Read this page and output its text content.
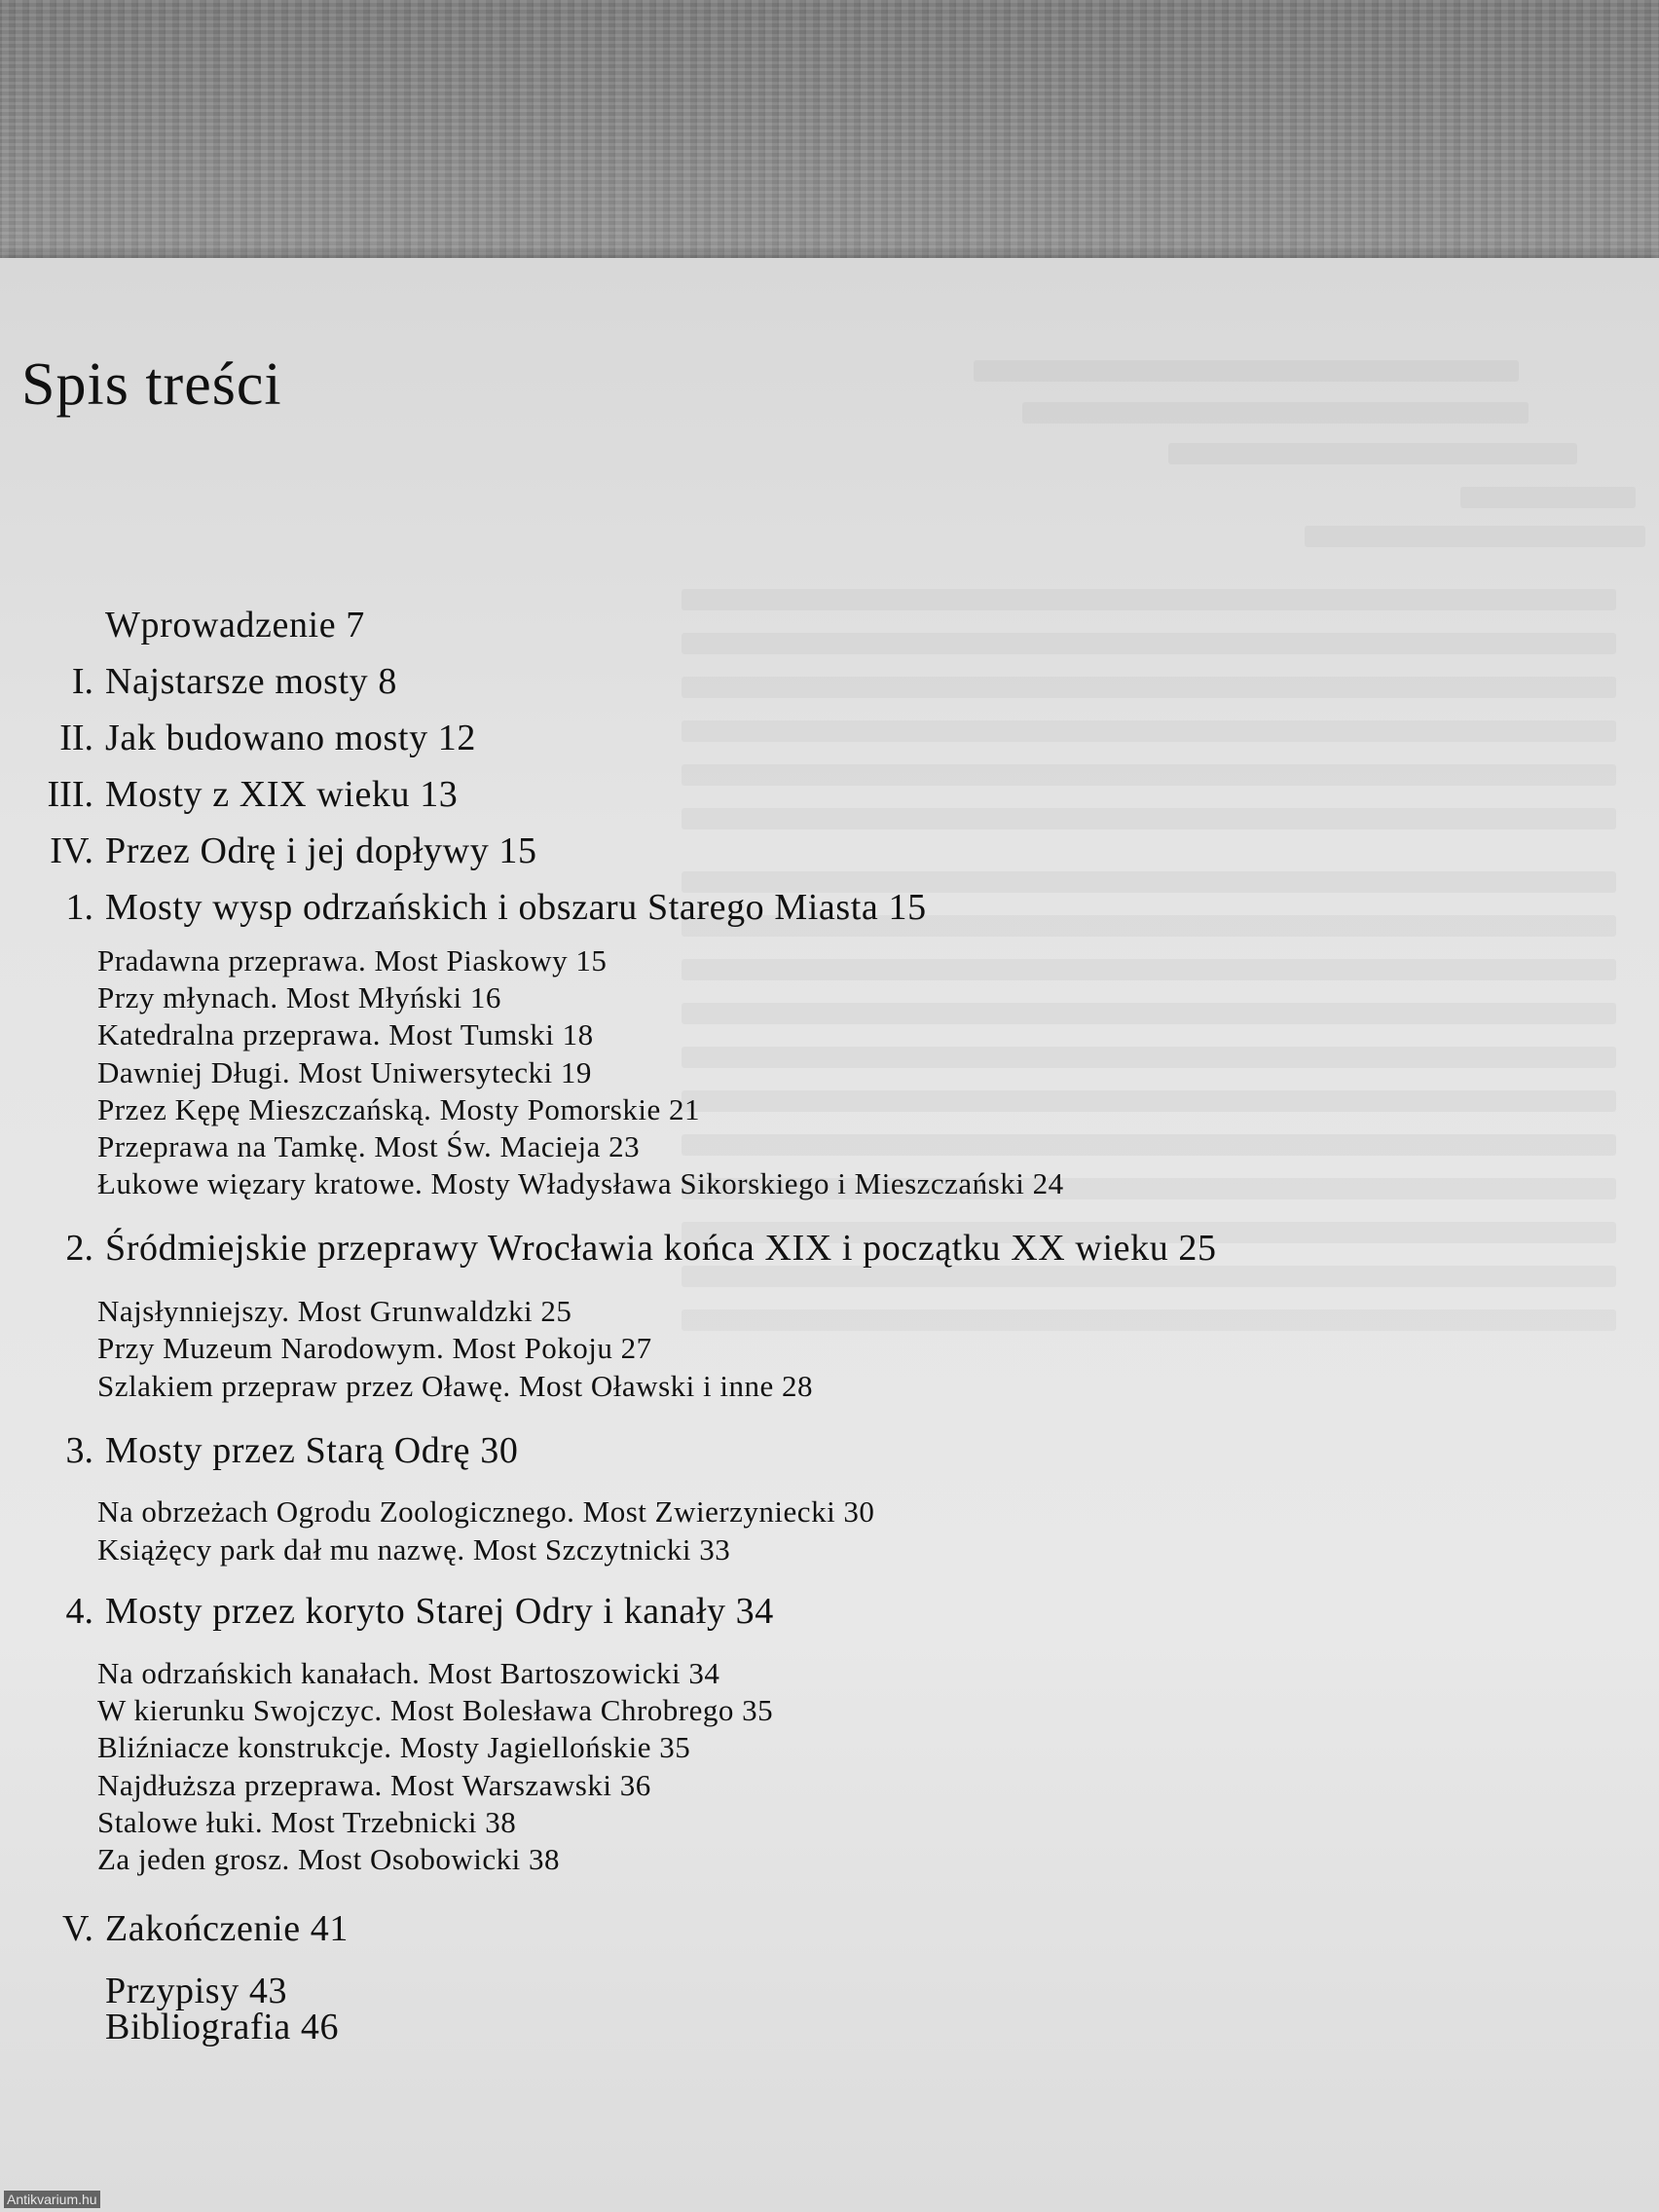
Spis treści
Wprowadzenie 7
I. Najstarsze mosty 8
II. Jak budowano mosty 12
III. Mosty z XIX wieku 13
IV. Przez Odrę i jej dopływy 15
1. Mosty wysp odrzańskich i obszaru Starego Miasta 15
Pradawna przeprawa. Most Piaskowy 15
Przy młynach. Most Młyński 16
Katedralna przeprawa. Most Tumski 18
Dawniej Długi. Most Uniwersytecki 19
Przez Kępę Mieszczańską. Mosty Pomorskie 21
Przeprawa na Tamkę. Most Św. Macieja 23
Łukowe więzary kratowe. Mosty Władysława Sikorskiego i Mieszczański 24
2. Śródmiejskie przeprawy Wrocławia końca XIX i początku XX wieku 25
Najsłynniejszy. Most Grunwaldzki 25
Przy Muzeum Narodowym. Most Pokoju 27
Szlakiem przepraw przez Oławę. Most Oławski i inne 28
3. Mosty przez Starą Odrę 30
Na obrzeżach Ogrodu Zoologicznego. Most Zwierzyniecki 30
Książęcy park dał mu nazwę. Most Szczytnicki 33
4. Mosty przez koryto Starej Odry i kanały 34
Na odrzańskich kanałach. Most Bartoszowicki 34
W kierunku Swojczyc. Most Bolesława Chrobrego 35
Bliźniacze konstrukcje. Mosty Jagiellońskie 35
Najdłuższa przeprawa. Most Warszawski 36
Stalowe łuki. Most Trzebnicki 38
Za jeden grosz. Most Osobowicki 38
V. Zakończenie 41
Przypisy 43
Bibliografia 46
Antikvarium.hu
